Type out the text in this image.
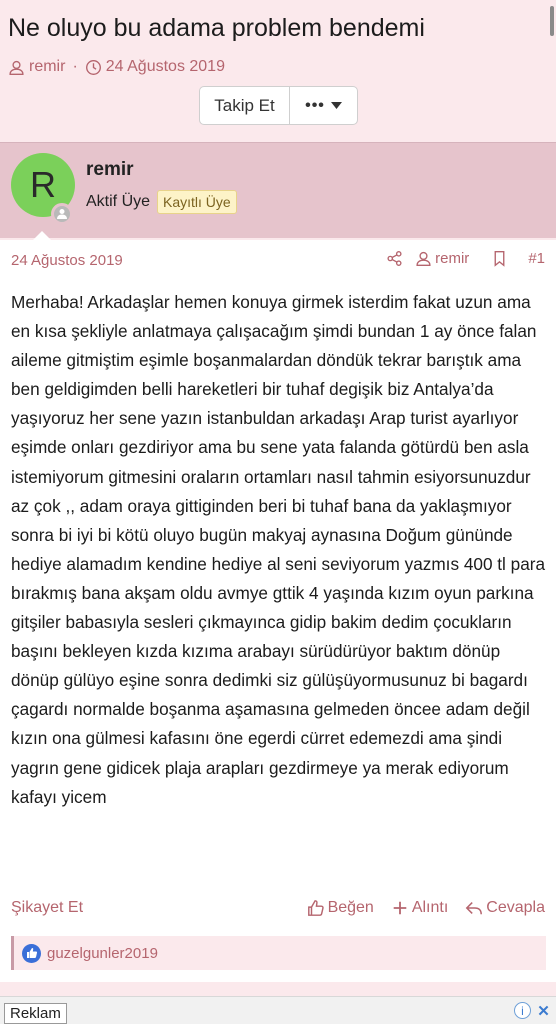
Ne oluyo bu adama problem bendemi
remir · 24 Ağustos 2019
Takip Et	•••
R	remir
Aktif Üye Kayıtlı Üye
24 Ağustos 2019	remir	#1
Merhaba! Arkadaşlar hemen konuya girmek isterdim fakat uzun ama en kısa şekliyle anlatmaya çalışacağım şimdi bundan 1 ay önce falan aileme gitmiştim eşimle boşanmalardan döndük tekrar barıştık ama ben geldigimden belli hareketleri bir tuhaf degişik biz Antalya’da yaşıyoruz her sene yazın istanbuldan arkadaşı Arap turist ayarlıyor eşimde onları gezdiriyor ama bu sene yata falanda götürdü ben asla istemiyorum gitmesini oraların ortamları nasıl tahmin esiyorsunuzdur az çok ,, adam oraya gittiginden beri bi tuhaf bana da yaklaşmıyor sonra bi iyi bi kötü oluyo bugün makyaj aynasına Doğum gününde hediye alamadım kendine hediye al seni seviyorum yazmıs 400 tl para bırakmış bana akşam oldu avmye gttik 4 yaşında kızım oyun parkına gitşiler babasıyla sesleri çıkmayınca gidip bakim dedim çocukların başını bekleyen kızda kızıma arabayı sürüdürüyor baktım dönüp dönüp gülüyo eşine sonra dedimki siz gülüşüyormusunuz bi bagardı çagardı normalde boşanma aşamasına gelmeden öncee adam değil kızın ona gülmesi kafasını öne egerdi cürret edemezdi ama şindi yagrın gene gidicek plaja arapları gezdirmeye ya merak ediyorum kafayı yicem
Şikayet Et	Beğen Alıntı Cevapla
guzelgunler2019
Reklam	i ✕
